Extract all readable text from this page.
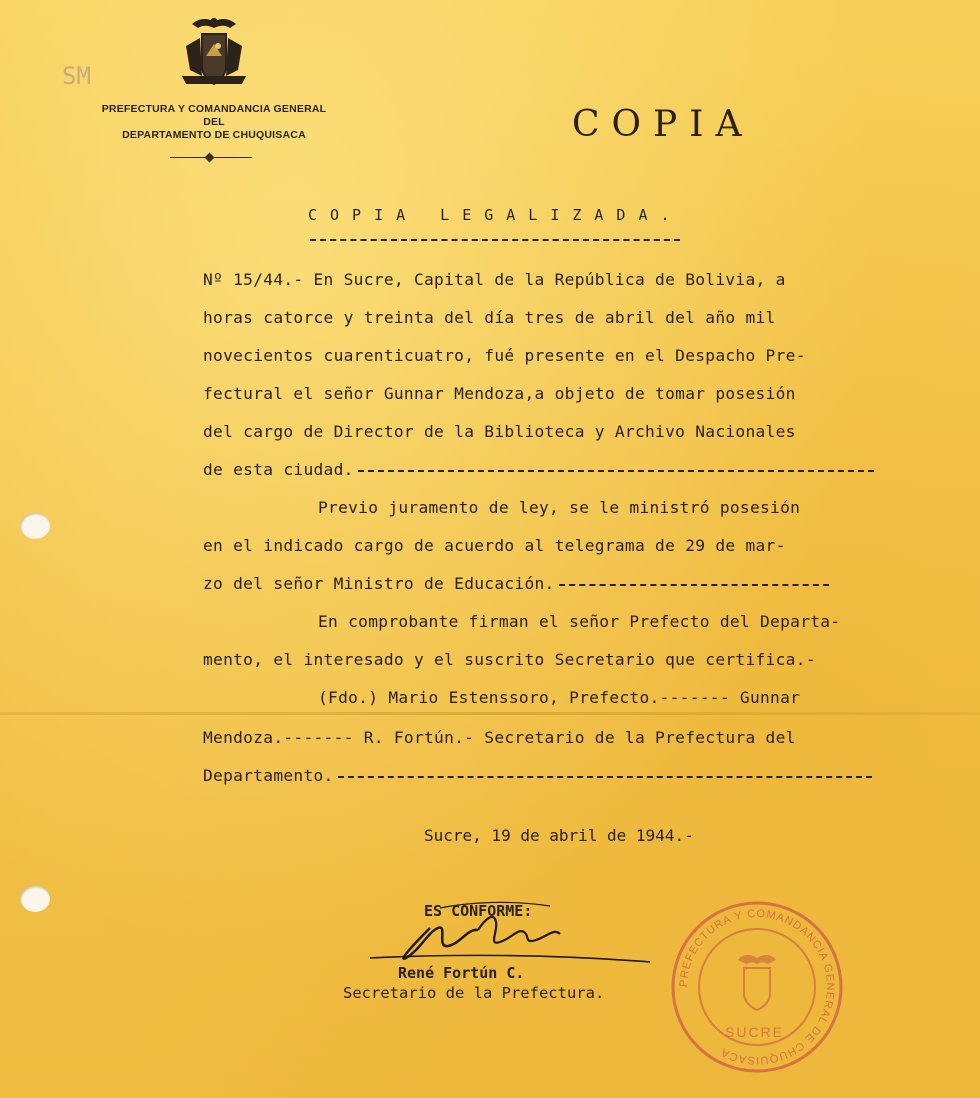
SM
PREFECTURA Y COMANDANCIA GENERAL
DEL
DEPARTAMENTO DE CHUQUISACA	COPIA
COPIA LEGALIZADA.
Nº 15/44.- En Sucre, Capital de la República de Bolivia, a
horas catorce y treinta del día tres de abril del año mil
novecientos cuarenticuatro, fué presente en el Despacho Pre-
fectural el señor Gunnar Mendoza,a objeto de tomar posesión
del cargo de Director de la Biblioteca y Archivo Nacionales
de esta ciudad.
Previo juramento de ley, se le ministró posesión
en el indicado cargo de acuerdo al telegrama de 29 de mar-
zo del señor Ministro de Educación.
En comprobante firman el señor Prefecto del Departa-
mento, el interesado y el suscrito Secretario que certifica.-
(Fdo.) Mario Estenssoro, Prefecto.------- Gunnar
Mendoza.------- R. Fortún.- Secretario de la Prefectura del
Departamento.
Sucre, 19 de abril de 1944.-
ES CONFORME:
René Fortún C.
Secretario de la Prefectura.
PREFECTURA Y COMANDANCIA GENERAL DE CHUQUISACA
SUCRE
